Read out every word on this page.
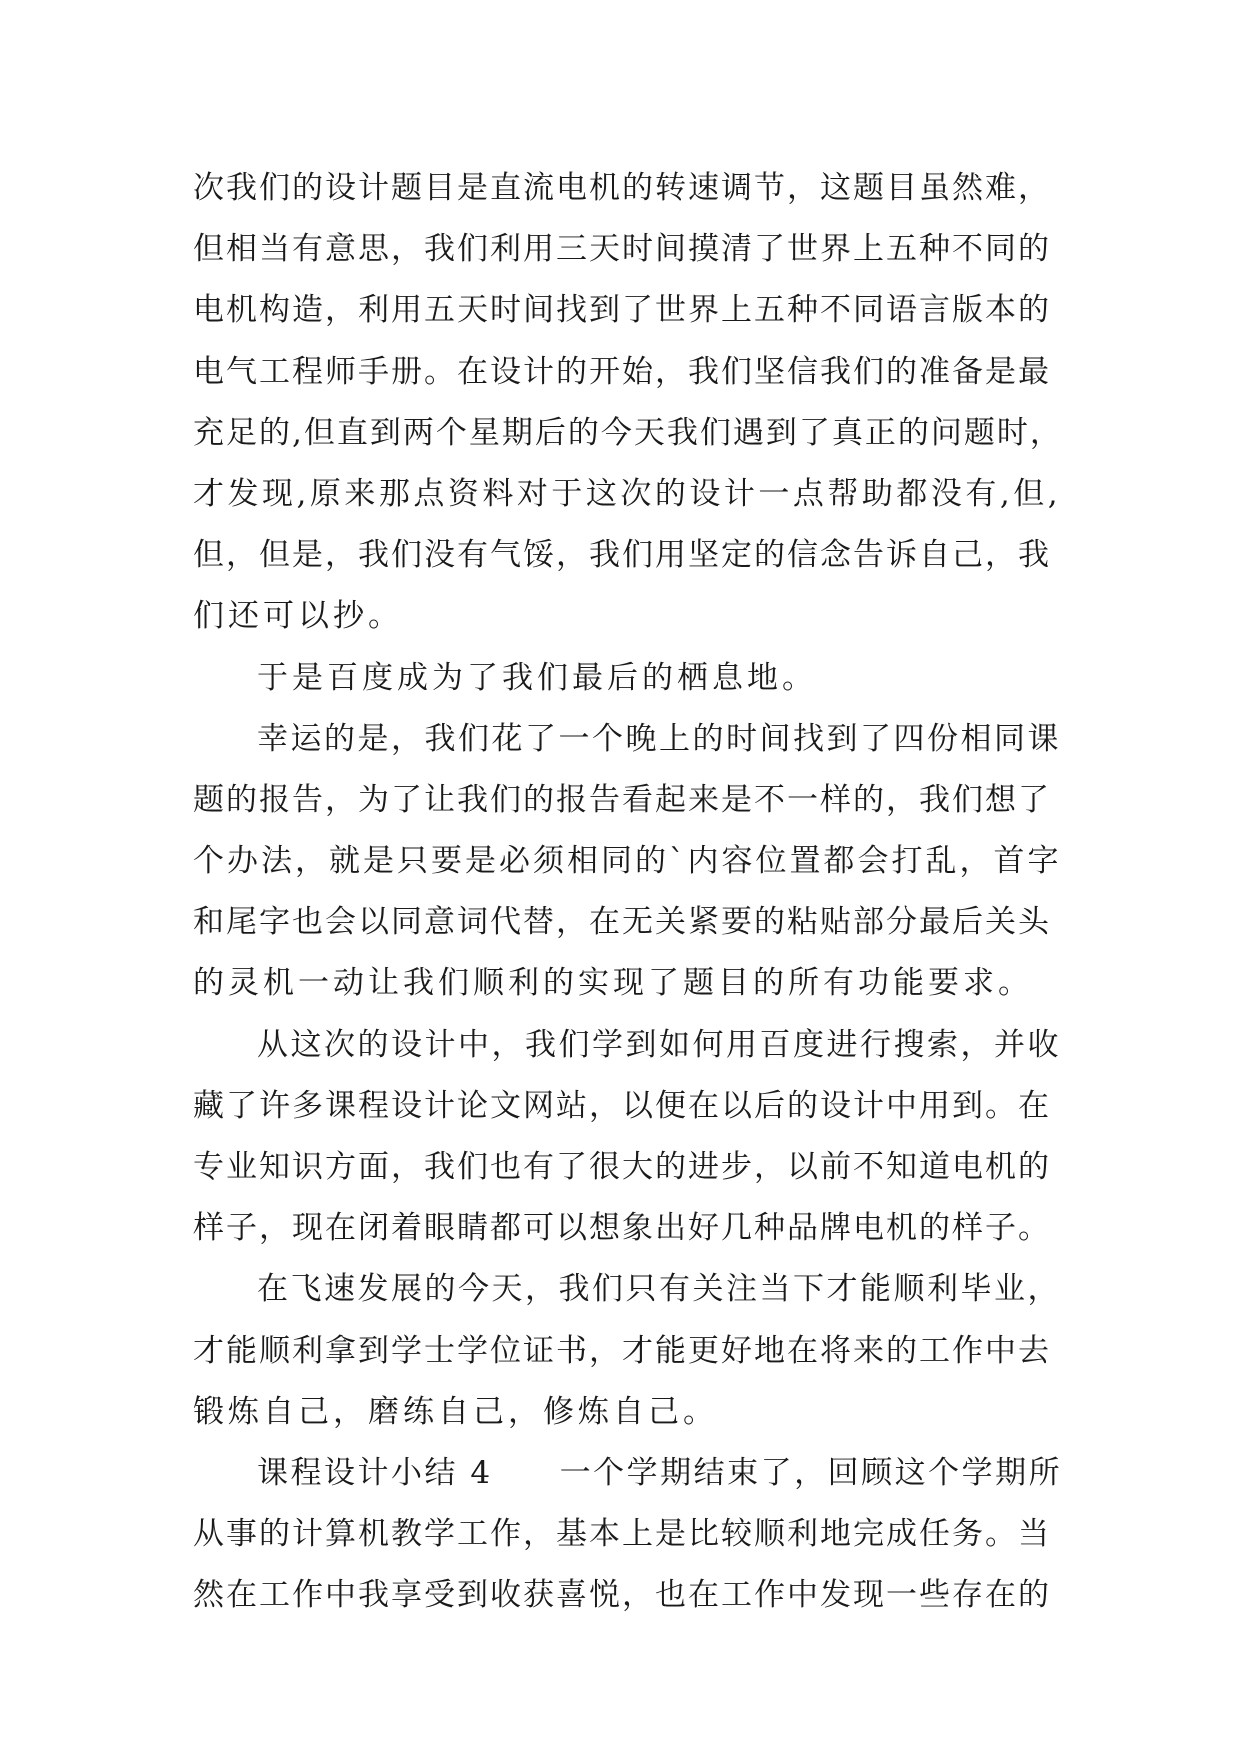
次我们的设计题目是直流电机的转速调节，这题目虽然难，
但相当有意思，我们利用三天时间摸清了世界上五种不同的
电机构造，利用五天时间找到了世界上五种不同语言版本的
电气工程师手册。在设计的开始，我们坚信我们的准备是最
充足的,但直到两个星期后的今天我们遇到了真正的问题时，
才发现,原来那点资料对于这次的设计一点帮助都没有,但,
但，但是，我们没有气馁，我们用坚定的信念告诉自己，我
们还可以抄。
于是百度成为了我们最后的栖息地。
幸运的是，我们花了一个晚上的时间找到了四份相同课
题的报告，为了让我们的报告看起来是不一样的，我们想了
个办法，就是只要是必须相同的`内容位置都会打乱，首字
和尾字也会以同意词代替，在无关紧要的粘贴部分最后关头
的灵机一动让我们顺利的实现了题目的所有功能要求。
从这次的设计中，我们学到如何用百度进行搜索，并收
藏了许多课程设计论文网站，以便在以后的设计中用到。在
专业知识方面，我们也有了很大的进步，以前不知道电机的
样子，现在闭着眼睛都可以想象出好几种品牌电机的样子。
在飞速发展的今天，我们只有关注当下才能顺利毕业，
才能顺利拿到学士学位证书，才能更好地在将来的工作中去
锻炼自己，磨练自己，修炼自己。
课程设计小结 4　　一个学期结束了，回顾这个学期所
从事的计算机教学工作，基本上是比较顺利地完成任务。当
然在工作中我享受到收获喜悦，也在工作中发现一些存在的
